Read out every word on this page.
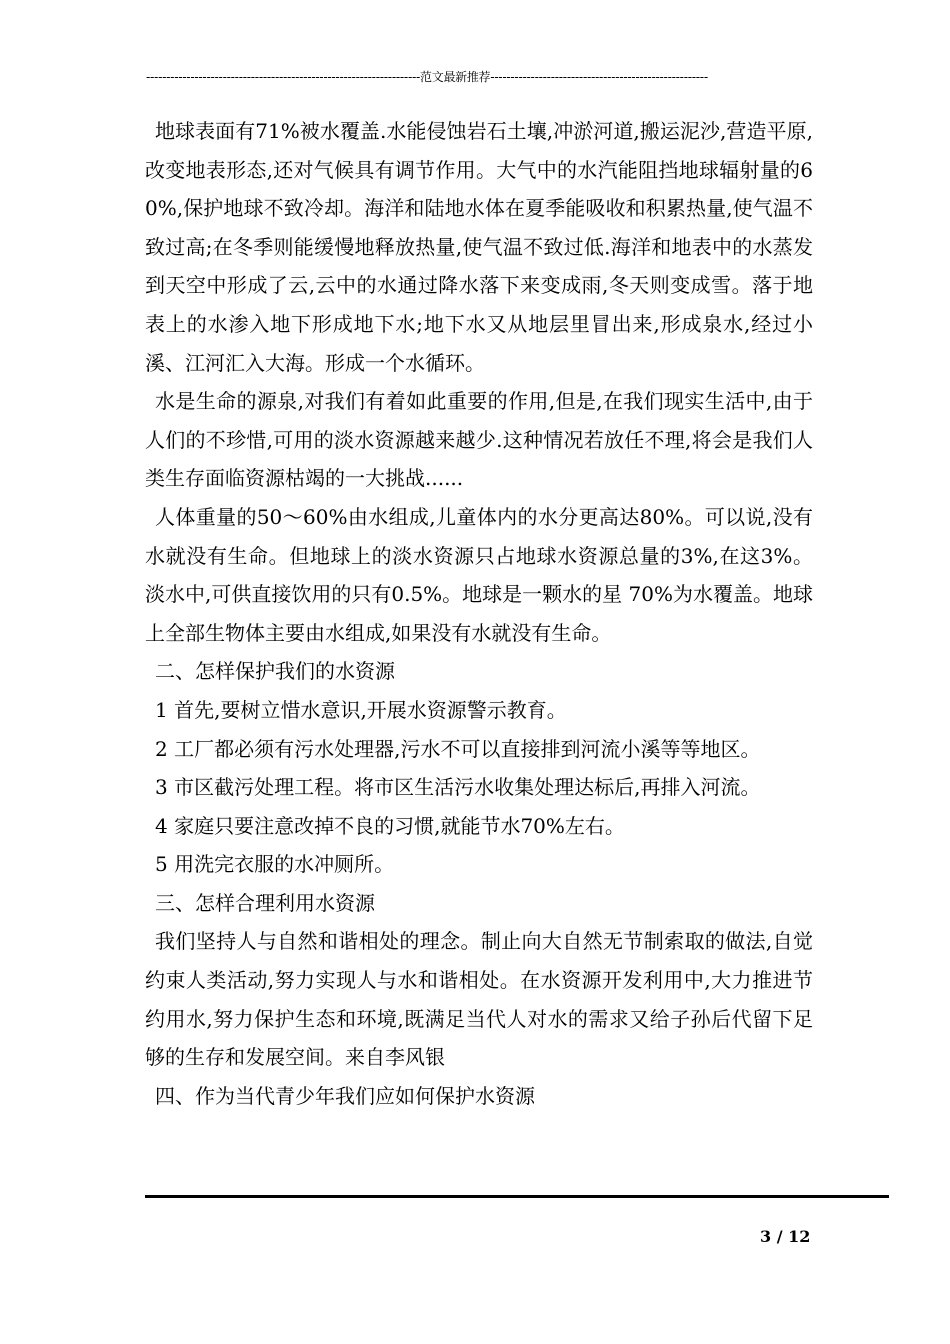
--------------------------------------------------------------------范文最新推荐------------------------------------------------------

地球表面有71%被水覆盖.水能侵蚀岩石土壤,冲淤河道,搬运泥沙,营造平原,改变地表形态,还对气候具有调节作用。大气中的水汽能阻挡地球辐射量的60%,保护地球不致冷却。海洋和陆地水体在夏季能吸收和积累热量,使气温不致过高;在冬季则能缓慢地释放热量,使气温不致过低.海洋和地表中的水蒸发到天空中形成了云,云中的水通过降水落下来变成雨,冬天则变成雪。落于地表上的水渗入地下形成地下水;地下水又从地层里冒出来,形成泉水,经过小溪、江河汇入大海。形成一个水循环。

水是生命的源泉,对我们有着如此重要的作用,但是,在我们现实生活中,由于人们的不珍惜,可用的淡水资源越来越少.这种情况若放任不理,将会是我们人类生存面临资源枯竭的一大挑战......

人体重量的50～60%由水组成,儿童体内的水分更高达80%。可以说,没有水就没有生命。但地球上的淡水资源只占地球水资源总量的3%,在这3%。淡水中,可供直接饮用的只有0.5%。地球是一颗水的星 70%为水覆盖。地球上全部生物体主要由水组成,如果没有水就没有生命。

二、怎样保护我们的水资源

1 首先,要树立惜水意识,开展水资源警示教育。

2 工厂都必须有污水处理器,污水不可以直接排到河流小溪等等地区。

3 市区截污处理工程。将市区生活污水收集处理达标后,再排入河流。

4 家庭只要注意改掉不良的习惯,就能节水70%左右。

5 用洗完衣服的水冲厕所。

三、怎样合理利用水资源

我们坚持人与自然和谐相处的理念。制止向大自然无节制索取的做法,自觉约束人类活动,努力实现人与水和谐相处。在水资源开发利用中,大力推进节约用水,努力保护生态和环境,既满足当代人对水的需求又给子孙后代留下足够的生存和发展空间。来自李风银

四、作为当代青少年我们应如何保护水资源

3 / 12
